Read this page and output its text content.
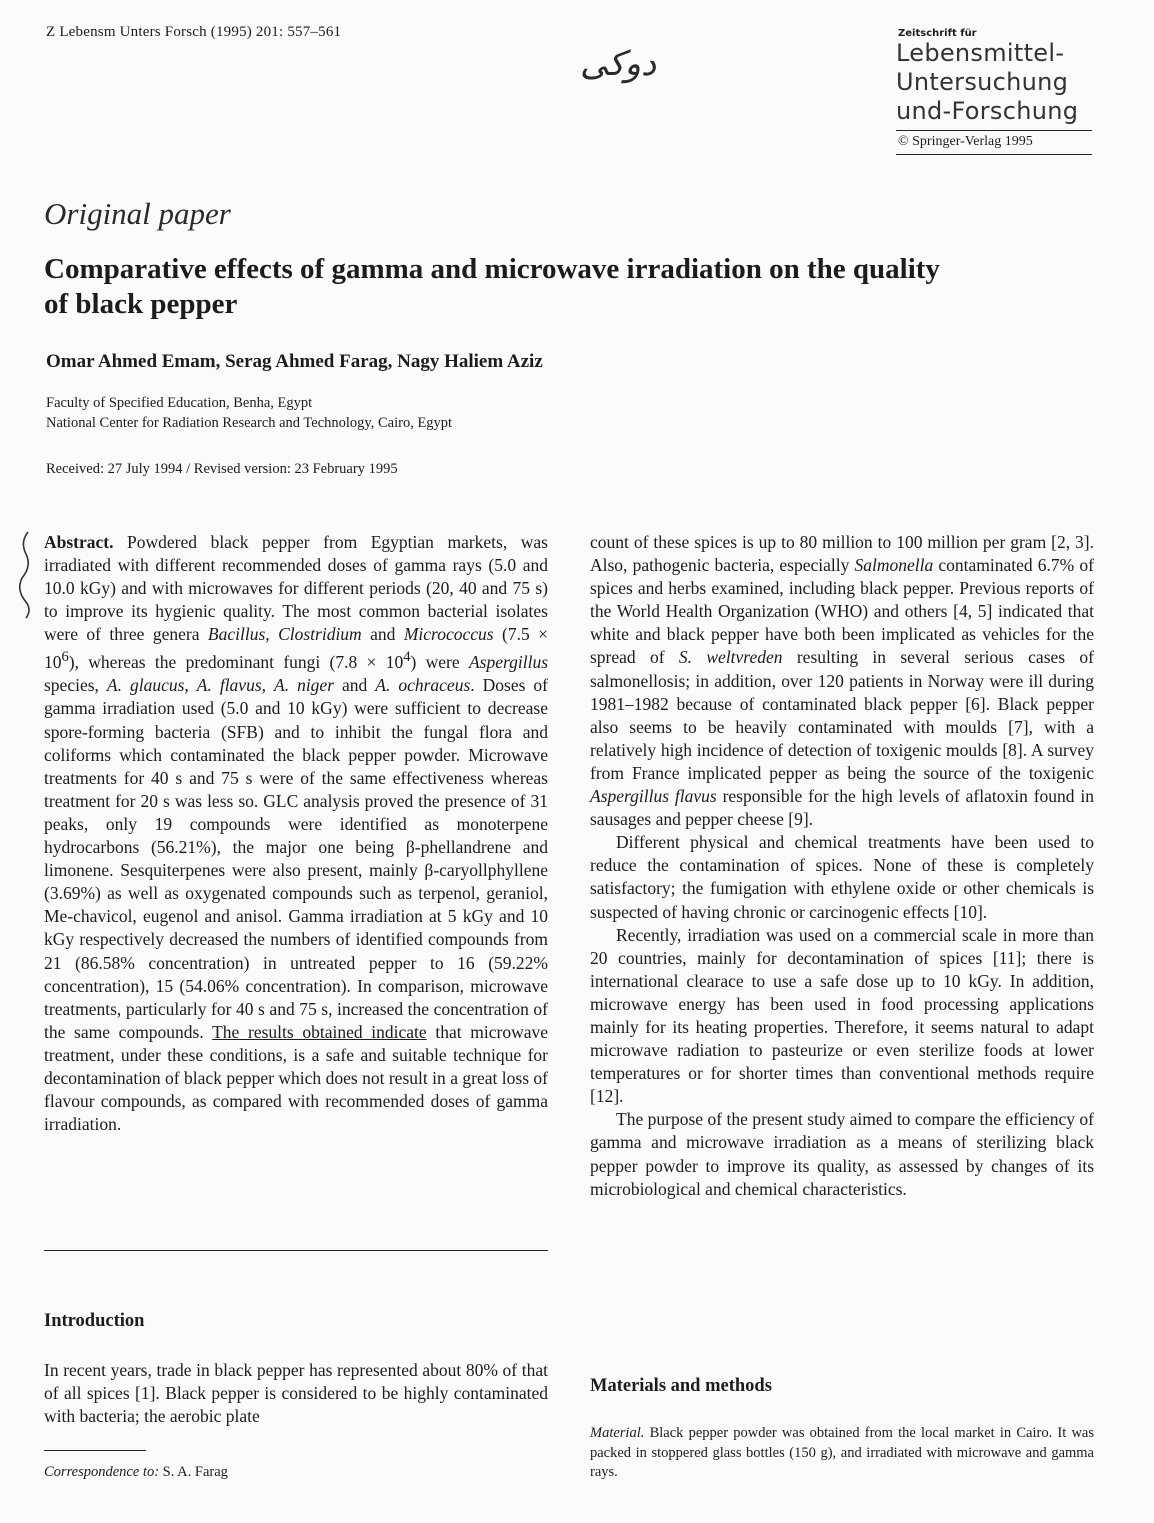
Z Lebensm Unters Forsch (1995) 201: 557–561
دوكى
Zeitschrift für
Lebensmittel-
Untersuchung
und-Forschung
© Springer-Verlag 1995
Original paper
Comparative effects of gamma and microwave irradiation on the quality of black pepper
Omar Ahmed Emam, Serag Ahmed Farag, Nagy Haliem Aziz
Faculty of Specified Education, Benha, Egypt
National Center for Radiation Research and Technology, Cairo, Egypt
Received: 27 July 1994 / Revised version: 23 February 1995

Abstract. Powdered black pepper from Egyptian markets, was irradiated with different recommended doses of gamma rays (5.0 and 10.0 kGy) and with microwaves for different periods (20, 40 and 75 s) to improve its hygienic quality. The most common bacterial isolates were of three genera Bacillus, Clostridium and Micrococcus $(7.5 \times 10^6)$, whereas the predominant fungi $(7.8 \times 10^4)$ were Aspergillus species, A. glaucus, A. flavus, A. niger and A. ochraceus. Doses of gamma irradiation used (5.0 and 10 kGy) were sufficient to decrease spore-forming bacteria (SFB) and to inhibit the fungal flora and coliforms which contaminated the black pepper powder. Microwave treatments for 40 s and 75 s were of the same effectiveness whereas treatment for 20 s was less so. GLC analysis proved the presence of 31 peaks, only 19 compounds were identified as monoterpene hydrocarbons (56.21%), the major one being β-phellandrene and limonene. Sesquiterpenes were also present, mainly β-caryollphyllene (3.69%) as well as oxygenated compounds such as terpenol, geraniol, Me-chavicol, eugenol and anisol. Gamma irradiation at 5 kGy and 10 kGy respectively decreased the numbers of identified compounds from 21 (86.58% concentration) in untreated pepper to 16 (59.22% concentration), 15 (54.06% concentration). In comparison, microwave treatments, particularly for 40 s and 75 s, increased the concentration of the same compounds. The results obtained indicate that microwave treatment, under these conditions, is a safe and suitable technique for decontamination of black pepper which does not result in a great loss of flavour compounds, as compared with recommended doses of gamma irradiation.

Introduction
In recent years, trade in black pepper has represented about 80% of that of all spices [1]. Black pepper is considered to be highly contaminated with bacteria; the aerobic plate
Correspondence to: S. A. Farag

count of these spices is up to 80 million to 100 million per gram [2, 3]. Also, pathogenic bacteria, especially Salmonella contaminated 6.7% of spices and herbs examined, including black pepper. Previous reports of the World Health Organization (WHO) and others [4, 5] indicated that white and black pepper have both been implicated as vehicles for the spread of S. weltvreden resulting in several serious cases of salmonellosis; in addition, over 120 patients in Norway were ill during 1981–1982 because of contaminated black pepper [6]. Black pepper also seems to be heavily contaminated with moulds [7], with a relatively high incidence of detection of toxigenic moulds [8]. A survey from France implicated pepper as being the source of the toxigenic Aspergillus flavus responsible for the high levels of aflatoxin found in sausages and pepper cheese [9].

Different physical and chemical treatments have been used to reduce the contamination of spices. None of these is completely satisfactory; the fumigation with ethylene oxide or other chemicals is suspected of having chronic or carcinogenic effects [10].

Recently, irradiation was used on a commercial scale in more than 20 countries, mainly for decontamination of spices [11]; there is international clearace to use a safe dose up to 10 kGy. In addition, microwave energy has been used in food processing applications mainly for its heating properties. Therefore, it seems natural to adapt microwave radiation to pasteurize or even sterilize foods at lower temperatures or for shorter times than conventional methods require [12].

The purpose of the present study aimed to compare the efficiency of gamma and microwave irradiation as a means of sterilizing black pepper powder to improve its quality, as assessed by changes of its microbiological and chemical characteristics.

Materials and methods
Material. Black pepper powder was obtained from the local market in Cairo. It was packed in stoppered glass bottles (150 g), and irradiated with microwave and gamma rays.
